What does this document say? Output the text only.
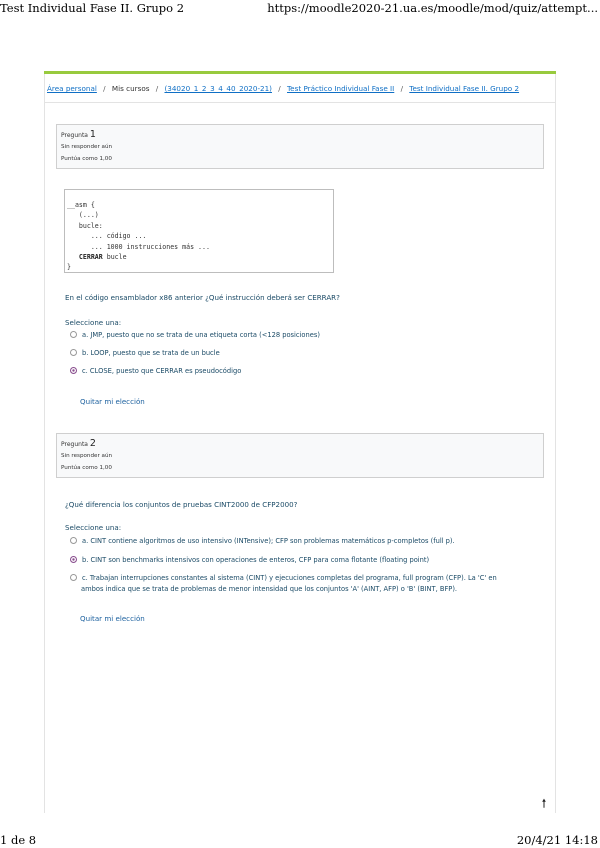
Test Individual Fase II. Grupo 2	https://moodle2020-21.ua.es/moodle/mod/quiz/attempt...
Área personal / Mis cursos / (34020_1_2_3_4_40_2020-21) / Test Práctico Individual Fase II / Test Individual Fase II. Grupo 2
Pregunta 1
Sin responder aún
Puntúa como 1,00
__asm {
(...)
bucle:
... código ...
... 1000 instrucciones más ...
CERRAR bucle
}
En el código ensamblador x86 anterior ¿Qué instrucción deberá ser CERRAR?
Seleccione una:
a. JMP, puesto que no se trata de una etiqueta corta (<128 posiciones)
b. LOOP, puesto que se trata de un bucle
c. CLOSE, puesto que CERRAR es pseudocódigo
Quitar mi elección
Pregunta 2
Sin responder aún
Puntúa como 1,00
¿Qué diferencia los conjuntos de pruebas CINT2000 de CFP2000?
Seleccione una:
a. CINT contiene algoritmos de uso intensivo (INTensive); CFP son problemas matemáticos p-completos (full p).
b. CINT son benchmarks intensivos con operaciones de enteros, CFP para coma flotante (floating point)
c. Trabajan interrupciones constantes al sistema (CINT) y ejecuciones completas del programa, full program (CFP). La 'C' en ambos indica que se trata de problemas de menor intensidad que los conjuntos 'A' (AINT, AFP) o 'B' (BINT, BFP).
Quitar mi elección
🠑
1 de 8	20/4/21 14:18
